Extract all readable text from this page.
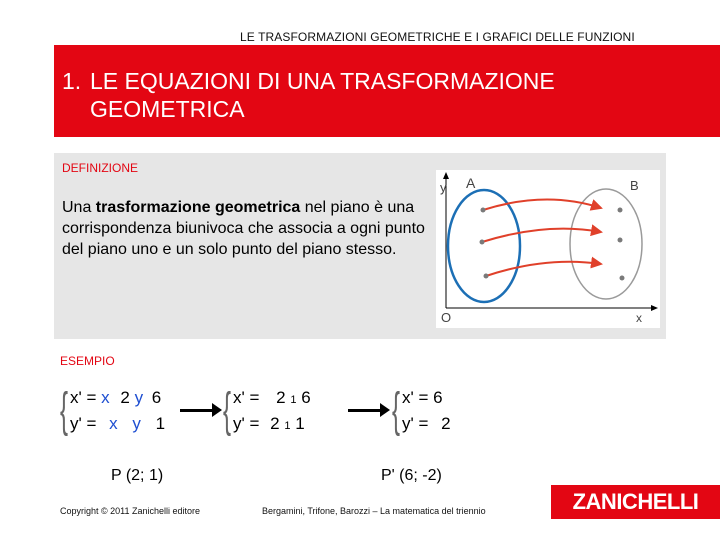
LE TRASFORMAZIONI GEOMETRICHE E I GRAFICI DELLE FUNZIONI
1. LE EQUAZIONI DI UNA TRASFORMAZIONE
GEOMETRICA
DEFINIZIONE
Una trasformazione geometrica nel piano è una corrispondenza biunivoca che associa a ogni punto del piano uno e un solo punto del piano stesso.
y A	B
O	x
ESEMPIO
{ x' = x 2 y 6
y' = x y 1 { x' = 2 1 6
y' = 2 1 1 { x' = 6
y' = 2
P (2; 1)	P' (6; -2)
Copyright © 2011 Zanichelli editore	Bergamini, Trifone, Barozzi – La matematica del triennio	ZANICHELLI
